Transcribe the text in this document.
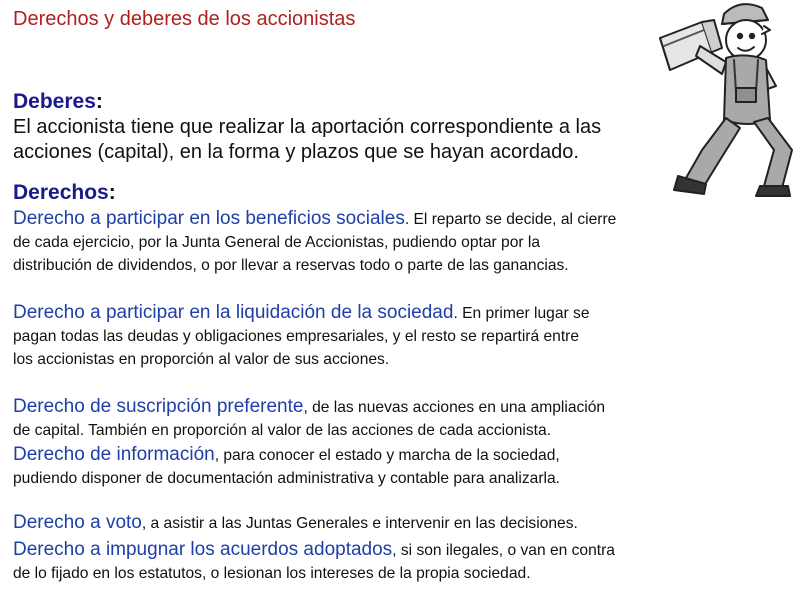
Derechos y deberes de los accionistas
Deberes:
El accionista tiene que realizar la aportación correspondiente a las
acciones (capital), en la forma y plazos que se hayan acordado.
Derechos:
Derecho a participar en los beneficios sociales. El reparto se decide, al cierre
de cada ejercicio, por la Junta General de Accionistas, pudiendo optar por la
distribución de dividendos, o por llevar a reservas todo o parte de las ganancias.
Derecho a participar en la liquidación de la sociedad. En primer lugar se
pagan todas las deudas y obligaciones empresariales, y el resto se repartirá entre
los accionistas en proporción al valor de sus acciones.
Derecho de suscripción preferente, de las nuevas acciones en una ampliación
de capital. También en proporción al valor de las acciones de cada accionista.
Derecho de información, para conocer el estado y marcha de la sociedad,
pudiendo disponer de documentación administrativa y contable para analizarla.
Derecho a voto, a asistir a las Juntas Generales e intervenir en las decisiones.
Derecho a impugnar los acuerdos adoptados, si son ilegales, o van en contra
de lo fijado en los estatutos, o lesionan los intereses de la propia sociedad.
